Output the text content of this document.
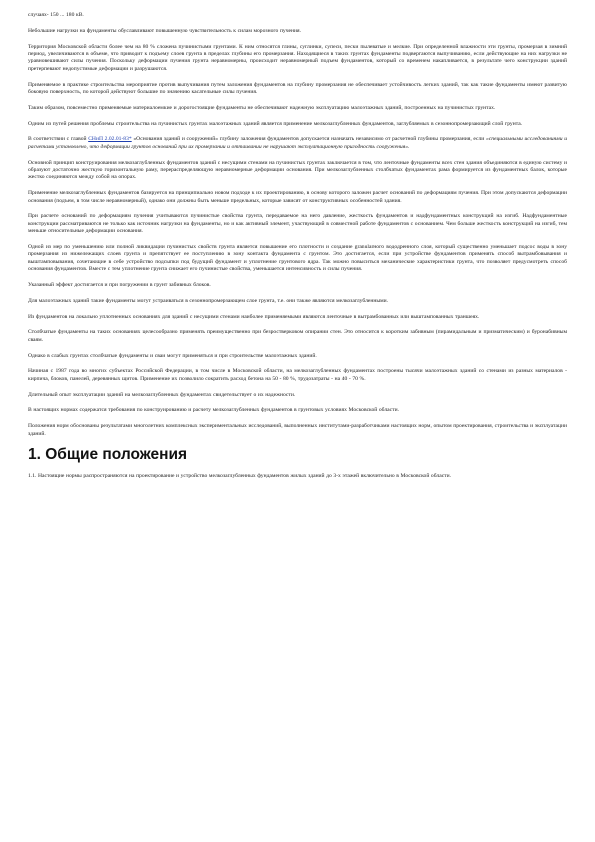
случаях- 150 ... 180 кВ.

Небольшие нагрузки на фундаменты обуславливают повышенную чувствительность к силам морозного пучения.

Территория Московской области более чем на 80 % сложена пучинистыми грунтами. К ним относятся глины, суглинки, супеси, пески пылеватые и мелкие. При определенной влажности эти грунты, промерзая в зимний период, увеличиваются в объеме, что приводит к подъему слоев грунта в пределах глубины его промерзания. Находящиеся в таких грунтах фундаменты подвергаются выпучиванию, если действующие на них нагрузки не уравновешивают силы пучения. Поскольку деформации пучения грунта неравномерны, происходит неравномерный подъем фундаментов, который со временем накапливается, в результате чего конструкции зданий претерпевают недопустимые деформации и разрушаются.

Применяемое в практике строительства мероприятие против выпучивания путем заложения фундаментов на глубину промерзания не обеспечивает устойчивость легких зданий, так как такие фундаменты имеют развитую боковую поверхность, по которой действуют большие по значению касательные силы пучения.

Таким образом, повсеместно применяемые материалоемкие и дорогостоящие фундаменты не обеспечивают надежную эксплуатацию малоэтажных зданий, построенных на пучинистых грунтах.

Одним из путей решения проблемы строительства на пучинистых грунтах малоэтажных зданий является применение мелкозаглубленных фундаментов, заглубляемых в сезоннопромерзающий слой грунта.

В соответствии с главой СНиП 2.02.01-83* «Основания зданий и сооружений» глубину заложения фундаментов допускается назначать независимо от расчетной глубины промерзания, если «специальными исследованиями и расчетами установлено, что деформации грунтов оснований при их промерзании и оттаивании не нарушают эксплуатационную пригодность сооружения».

Основной принцип конструирования мелкозаглубленных фундаментов зданий с несущими стенами на пучинистых грунтах заключается в том, что ленточные фундаменты всех стен здания объединяются в единую систему и образуют достаточно жесткую горизонтальную раму, перераспределяющую неравномерные деформации основания. При мелкозаглубленных столбчатых фундаментах рама формируется из фундаментных балок, которые жестко соединяются между собой на опорах.

Применение мелкозаглубленных фундаментов базируется на принципиально новом подходе к их проектированию, в основу которого заложен расчет оснований по деформациям пучения. При этом допускаются деформации основания (подъем, в том числе неравномерный), однако они должны быть меньше предельных, которые зависят от конструктивных особенностей здания.

При расчете оснований по деформациям пучения учитываются пучинистые свойства грунта, передаваемое на него давление, жесткость фундаментов и надфундаментных конструкций на изгиб. Надфундаментные конструкции рассматриваются не только как источник нагрузки на фундаменты, но и как активный элемент, участвующий в совместной работе фундаментов с основанием. Чем больше жесткость конструкций на изгиб, тем меньше относительные деформации основания.

Одной из мер по уменьшению или полной ликвидации пучинистых свойств грунта является повышение его плотности и создание granularного вододренного слоя, который существенно уменьшает подсос воды в зону промерзания из нижележащих слоев грунта и препятствует ее поступлению в зону контакта фундамента с грунтом. Это достигается, если при устройстве фундаментов применять способ вытрамбовывания и выштамповывания, сочетающие в себе устройство подсыпки под будущий фундамент и уплотнение грунтового ядра. Так можно повыситься механические характеристики грунта, что позволяет предусмотреть способ основания фундаментов. Вместе с тем уплотнение грунта снижает его пучинистые свойства, уменьшается интенсивность и силы пучения.

Указанный эффект достигается и при погружении в грунт забивных блоков.

Для малоэтажных зданий такие фундаменты могут устраиваться в сезоннопромерзающем слое грунта, т.е. они также являются мелкозаглубленными.

Из фундаментов на локально уплотненных основаниях для зданий с несущими стенами наиболее применяемыми являются ленточные в вытрамбованных или выштампованных траншеях.

Столбчатые фундаменты на таких основаниях целесообразно применять преимущественно при безростверковом опирании стен. Это относится к коротким забивным (пирамидальным и призматическим) и буронабивным сваям.

Однако в слабых грунтах столбчатые фундаменты и сваи могут применяться и при строительстве малоэтажных зданий.

Начиная с 1987 года во многих субъектах Российской Федерации, в том числе в Московской области, на мелкозаглубленных фундаментах построены тысячи малоэтажных зданий со стенами из разных материалов - кирпича, блоков, панелей, деревянных щитов. Применение их позволило сократить расход бетона на 50 - 80 %, трудозатраты - на 40 - 70 %.

Длительный опыт эксплуатации зданий на мелкозаглубленных фундаментах свидетельствует о их надежности.

В настоящих нормах содержатся требования по конструированию и расчету мелкозаглубленных фундаментов в грунтовых условиях Московской области.

Положения норм обоснованы результатами многолетних комплексных экспериментальных исследований, выполненных институтами-разработчиками настоящих норм, опытом проектирования, строительства и эксплуатации зданий.

1. Общие положения

1.1. Настоящие нормы распространяются на проектирование и устройство мелкозаглубленных фундаментов жилых зданий до 3-х этажей включительно в Московской области.
